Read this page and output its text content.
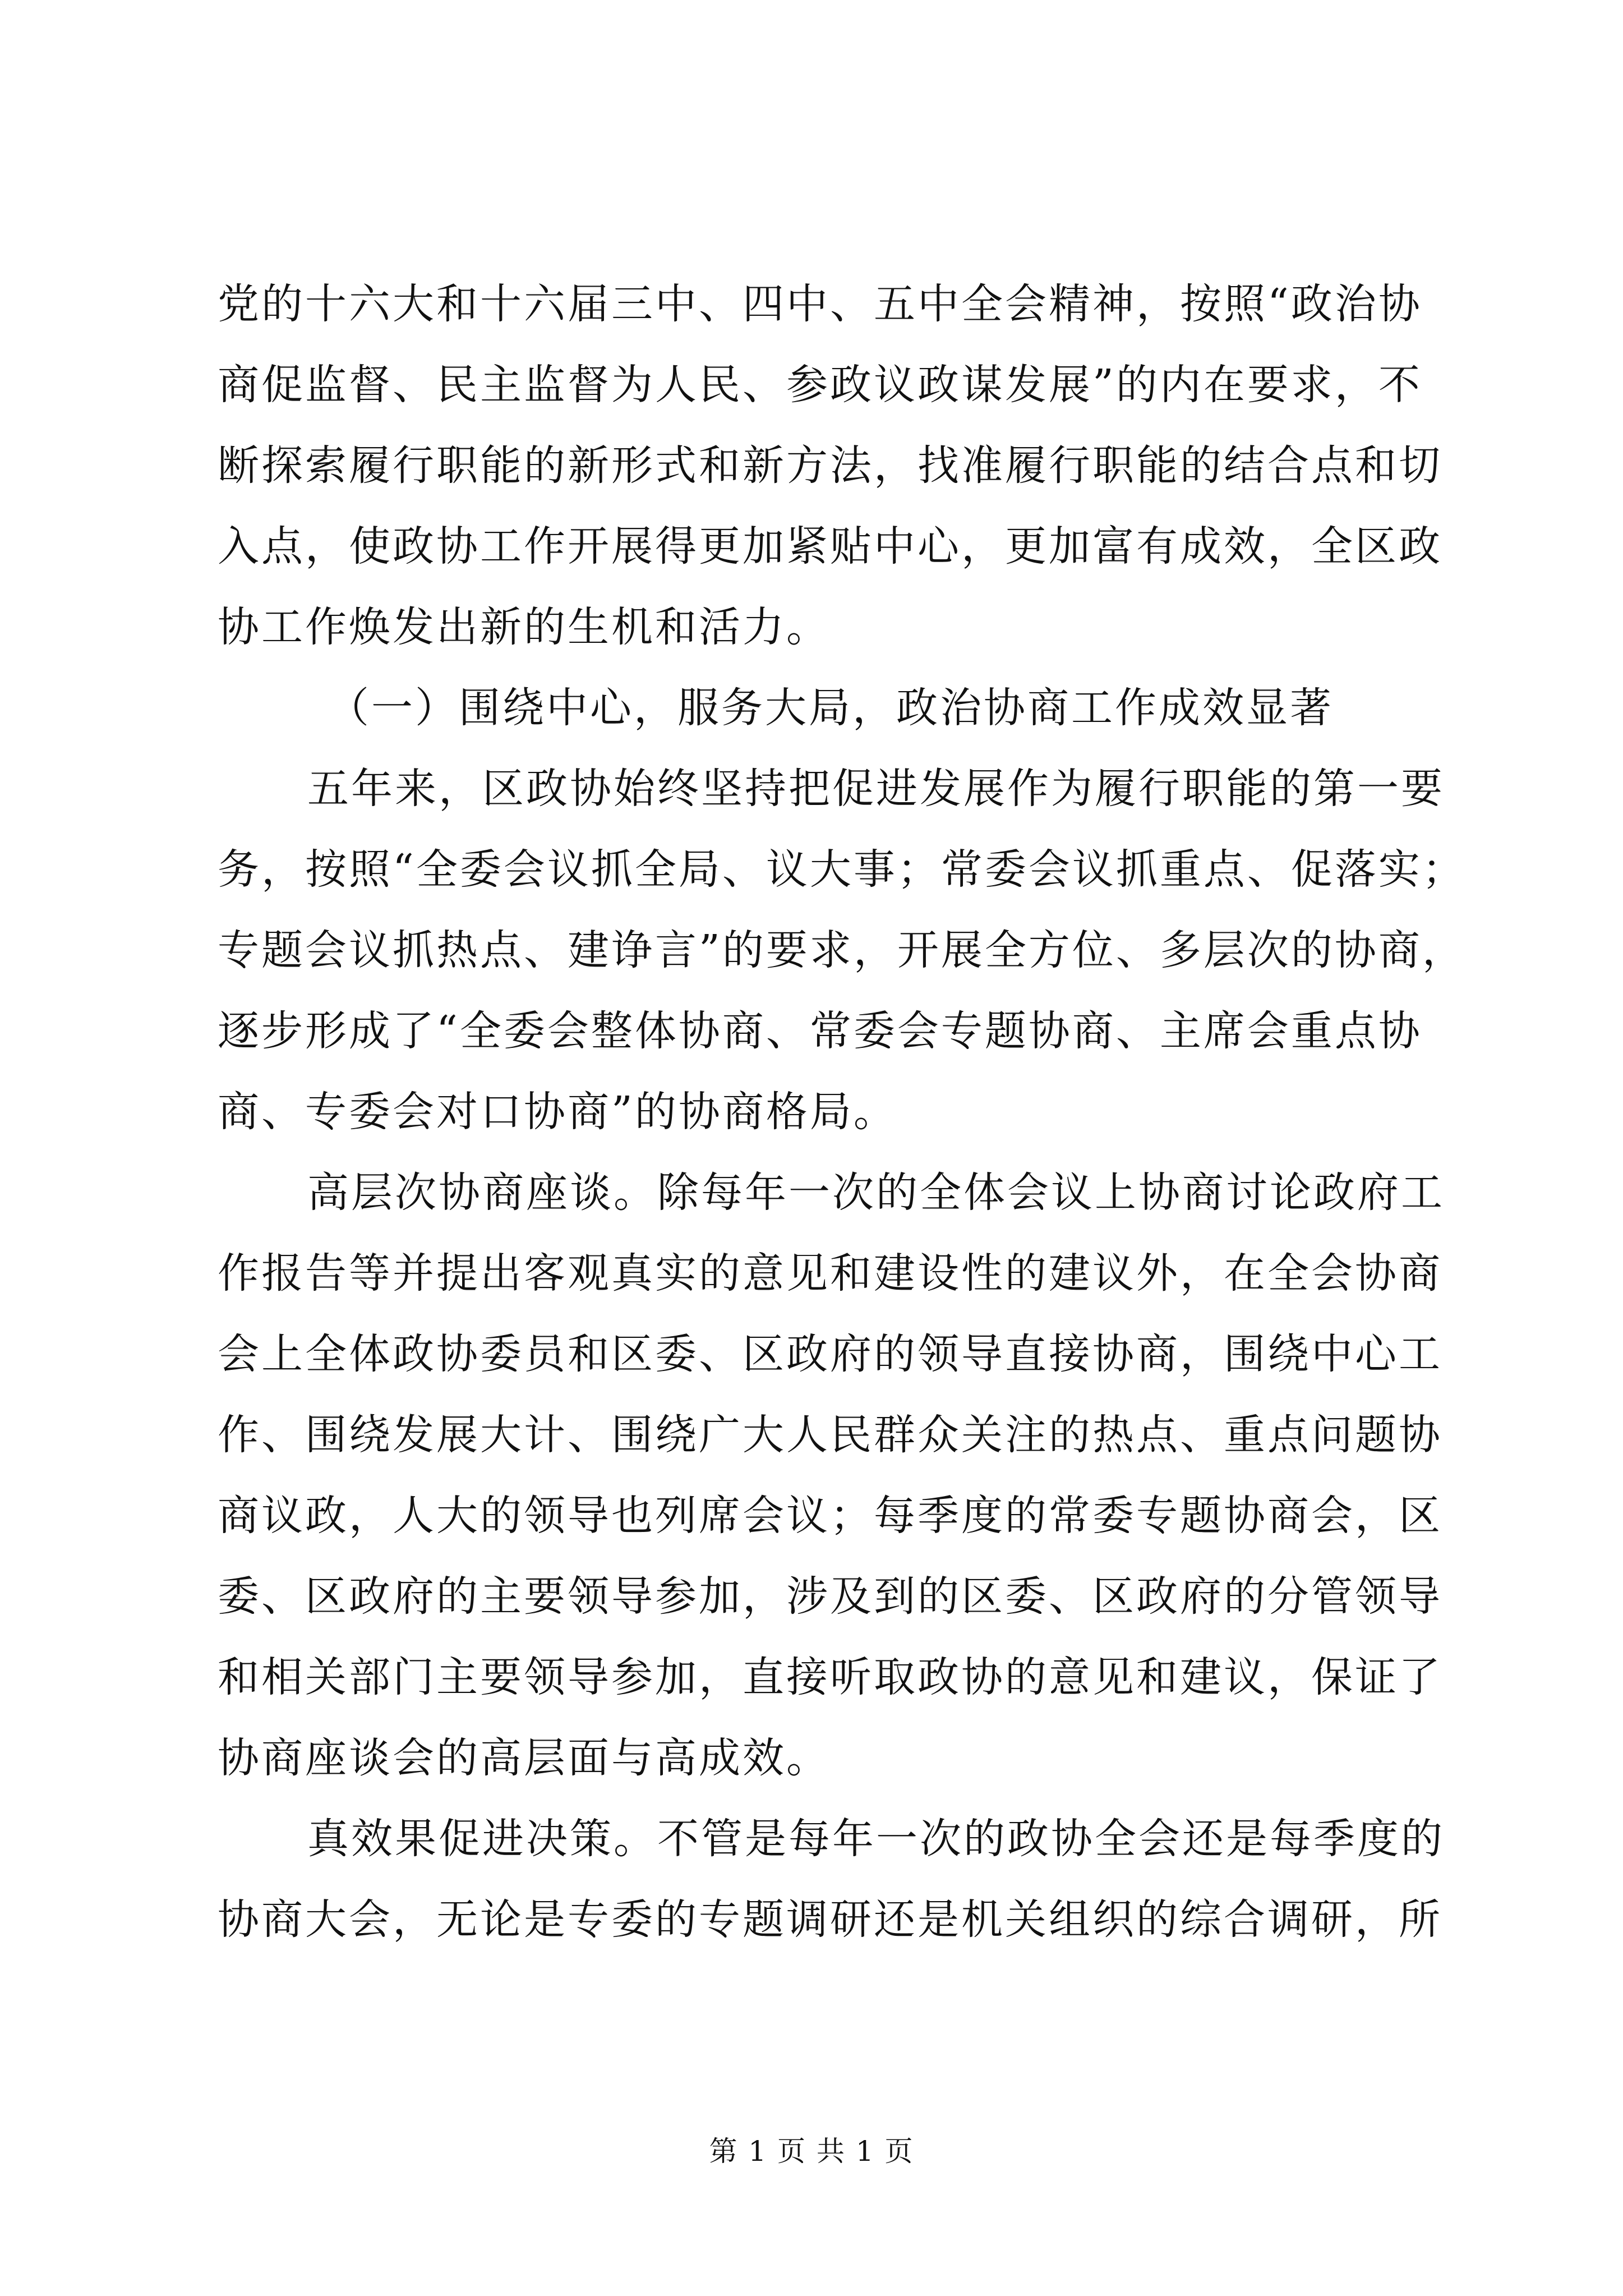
党的十六大和十六届三中、四中、五中全会精神，按照“政治协
商促监督、民主监督为人民、参政议政谋发展”的内在要求，不
断探索履行职能的新形式和新方法，找准履行职能的结合点和切
入点，使政协工作开展得更加紧贴中心，更加富有成效，全区政
协工作焕发出新的生机和活力。
（一）围绕中心，服务大局，政治协商工作成效显著
五年来，区政协始终坚持把促进发展作为履行职能的第一要
务，按照“全委会议抓全局、议大事；常委会议抓重点、促落实；
专题会议抓热点、建诤言”的要求，开展全方位、多层次的协商，
逐步形成了“全委会整体协商、常委会专题协商、主席会重点协
商、专委会对口协商”的协商格局。
高层次协商座谈。除每年一次的全体会议上协商讨论政府工
作报告等并提出客观真实的意见和建设性的建议外，在全会协商
会上全体政协委员和区委、区政府的领导直接协商，围绕中心工
作、围绕发展大计、围绕广大人民群众关注的热点、重点问题协
商议政，人大的领导也列席会议；每季度的常委专题协商会，区
委、区政府的主要领导参加，涉及到的区委、区政府的分管领导
和相关部门主要领导参加，直接听取政协的意见和建议，保证了
协商座谈会的高层面与高成效。
真效果促进决策。不管是每年一次的政协全会还是每季度的
协商大会，无论是专委的专题调研还是机关组织的综合调研，所
第 1 页 共 1 页
